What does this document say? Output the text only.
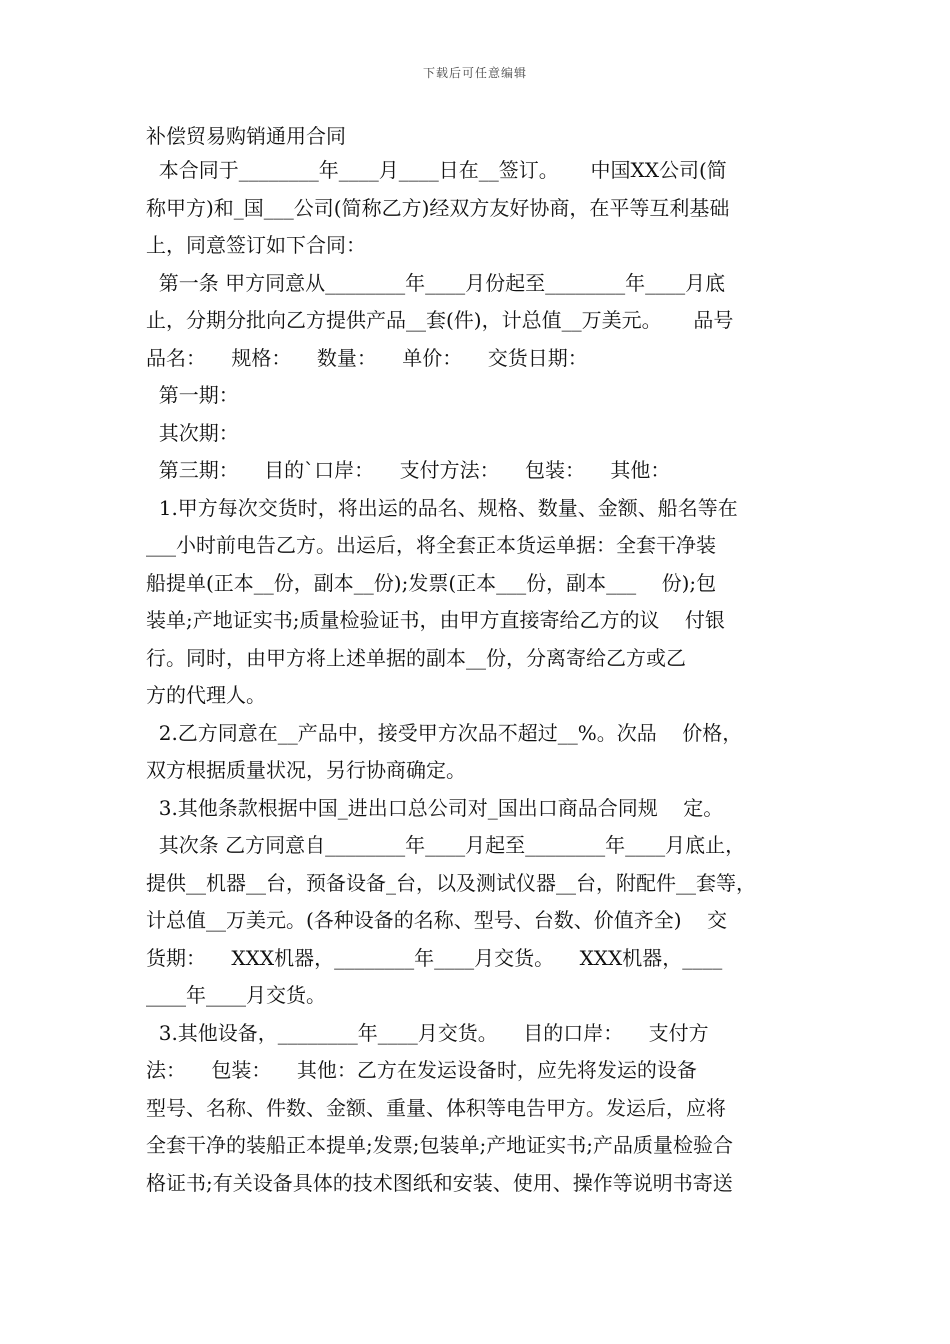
下载后可任意编辑
补偿贸易购销通用合同
本合同于________年____月____日在__签订。     中国XX公司(简
称甲方)和_国___公司(简称乙方)经双方友好协商，在平等互利基础
上，同意签订如下合同：
第一条 甲方同意从________年____月份起至________年____月底
止，分期分批向乙方提供产品__套(件)，计总值__万美元。     品号
品名：    规格：    数量：    单价：    交货日期：
第一期：
其次期：
第三期：    目的`口岸：    支付方法：    包装：    其他：
1.甲方每次交货时，将出运的品名、规格、数量、金额、船名等在
___小时前电告乙方。出运后，将全套正本货运单据：全套干净装
船提单(正本__份，副本__份);发票(正本___份，副本___    份);包
装单;产地证实书;质量检验证书，由甲方直接寄给乙方的议    付银
行。同时，由甲方将上述单据的副本__份，分离寄给乙方或乙
方的代理人。
2.乙方同意在__产品中，接受甲方次品不超过__%。次品    价格，
双方根据质量状况，另行协商确定。
3.其他条款根据中国_进出口总公司对_国出口商品合同规    定。
其次条 乙方同意自________年____月起至________年____月底止，
提供__机器__台，预备设备_台，以及测试仪器__台，附配件__套等，
计总值__万美元。(各种设备的名称、型号、台数、价值齐全)    交
货期：    XXX机器，________年____月交货。    XXX机器，____
____年____月交货。
3.其他设备，________年____月交货。    目的口岸：    支付方
法：    包装：    其他：乙方在发运设备时，应先将发运的设备
型号、名称、件数、金额、重量、体积等电告甲方。发运后，应将
全套干净的装船正本提单;发票;包装单;产地证实书;产品质量检验合
格证书;有关设备具体的技术图纸和安装、使用、操作等说明书寄送
